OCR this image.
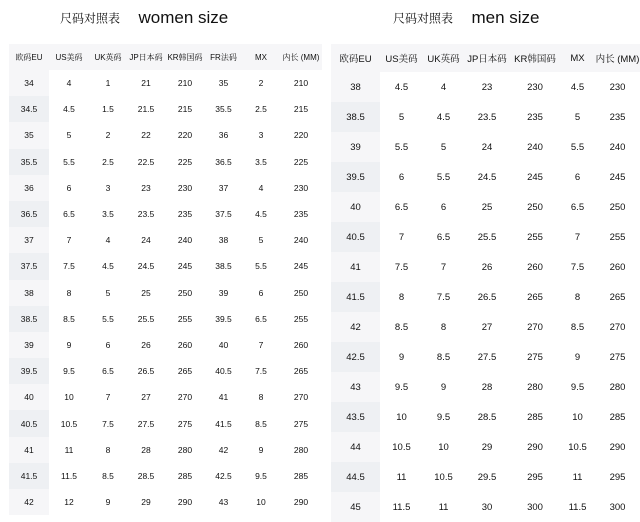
尺码对照表 women size
欧码EU	US美码	UK英码	JP日本码	KR韩国码	FR法码	MX	内长 (MM)
34	4	1	21	210	35	2	210
34.5	4.5	1.5	21.5	215	35.5	2.5	215
35	5	2	22	220	36	3	220
35.5	5.5	2.5	22.5	225	36.5	3.5	225
36	6	3	23	230	37	4	230
36.5	6.5	3.5	23.5	235	37.5	4.5	235
37	7	4	24	240	38	5	240
37.5	7.5	4.5	24.5	245	38.5	5.5	245
38	8	5	25	250	39	6	250
38.5	8.5	5.5	25.5	255	39.5	6.5	255
39	9	6	26	260	40	7	260
39.5	9.5	6.5	26.5	265	40.5	7.5	265
40	10	7	27	270	41	8	270
40.5	10.5	7.5	27.5	275	41.5	8.5	275
41	11	8	28	280	42	9	280
41.5	11.5	8.5	28.5	285	42.5	9.5	285
42	12	9	29	290	43	10	290
尺码对照表 men size
欧码EU	US美码	UK英码	JP日本码	KR韩国码	MX	内长 (MM)
38	4.5	4	23	230	4.5	230
38.5	5	4.5	23.5	235	5	235
39	5.5	5	24	240	5.5	240
39.5	6	5.5	24.5	245	6	245
40	6.5	6	25	250	6.5	250
40.5	7	6.5	25.5	255	7	255
41	7.5	7	26	260	7.5	260
41.5	8	7.5	26.5	265	8	265
42	8.5	8	27	270	8.5	270
42.5	9	8.5	27.5	275	9	275
43	9.5	9	28	280	9.5	280
43.5	10	9.5	28.5	285	10	285
44	10.5	10	29	290	10.5	290
44.5	11	10.5	29.5	295	11	295
45	11.5	11	30	300	11.5	300
